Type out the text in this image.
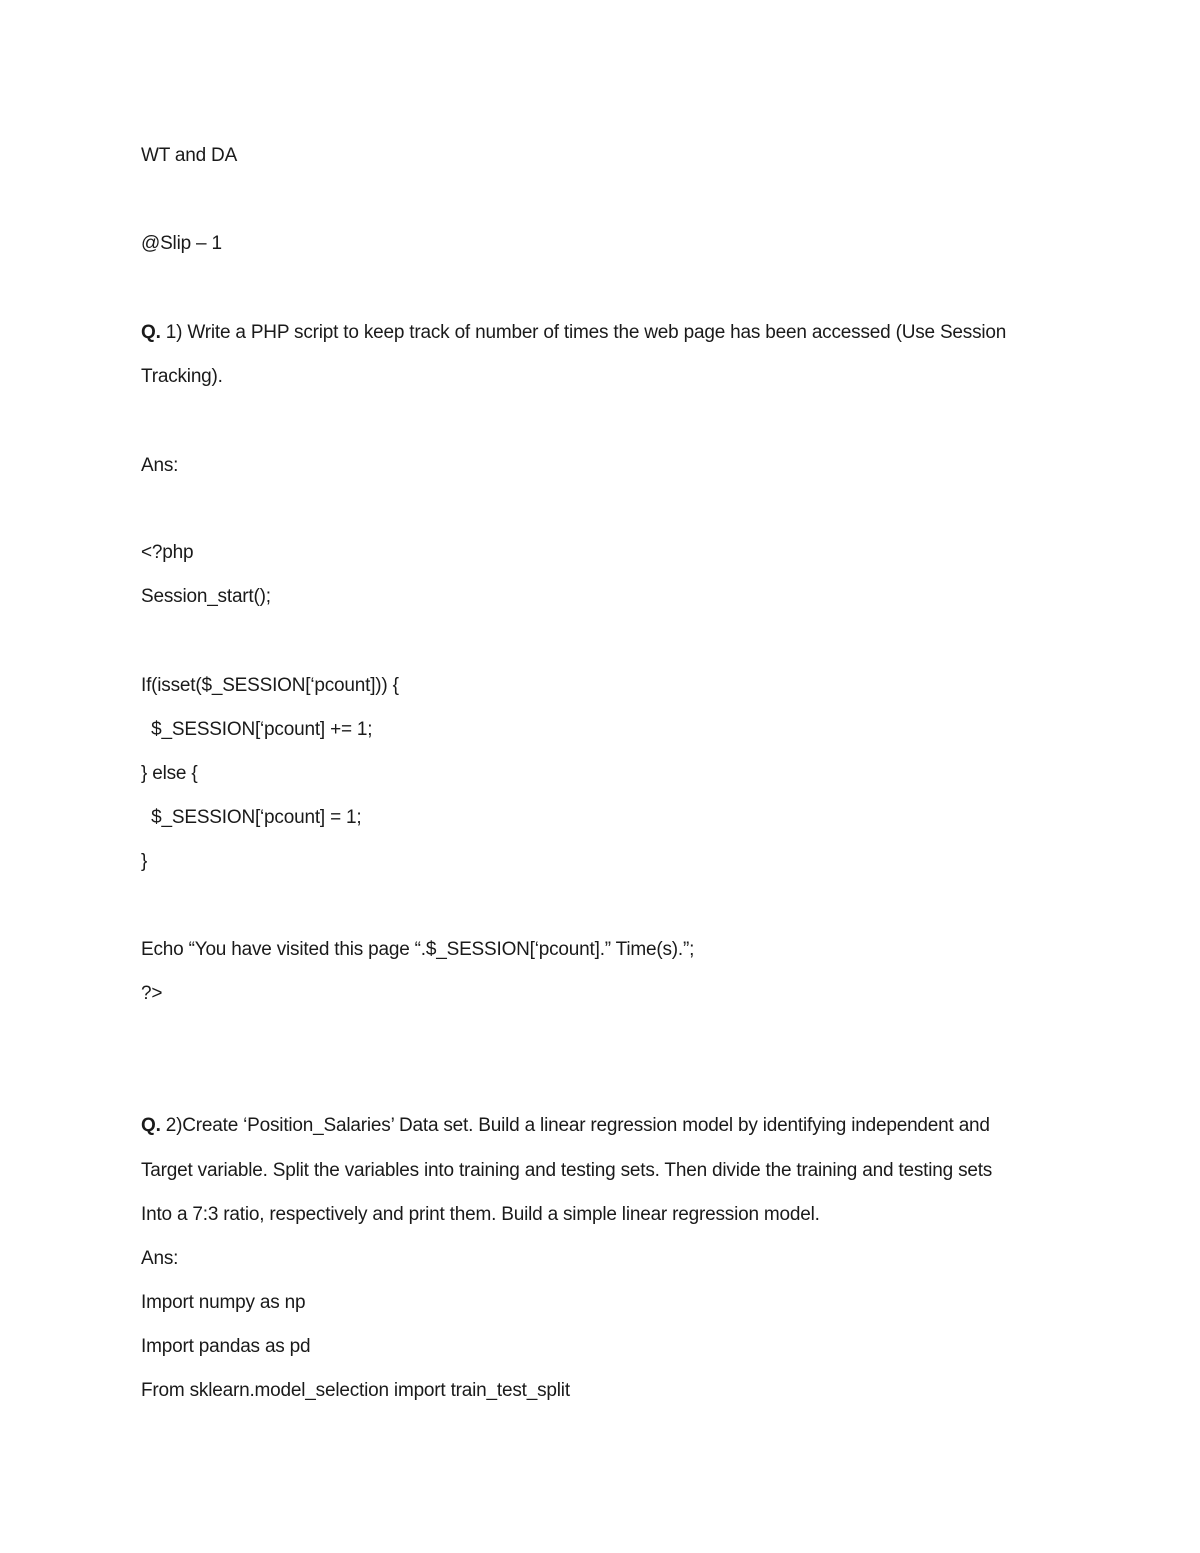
WT and DA
@Slip – 1
Q. 1) Write a PHP script to keep track of number of times the web page has been accessed (Use Session
Tracking).
Ans:
<?php
Session_start();
If(isset($_SESSION[‘pcount])) {
$_SESSION[‘pcount] += 1;
} else {
$_SESSION[‘pcount] = 1;
}
Echo “You have visited this page “.$_SESSION[‘pcount].” Time(s).”;
?>
Q. 2)Create ‘Position_Salaries’ Data set. Build a linear regression model by identifying independent and
Target variable. Split the variables into training and testing sets. Then divide the training and testing sets
Into a 7:3 ratio, respectively and print them. Build a simple linear regression model.
Ans:
Import numpy as np
Import pandas as pd
From sklearn.model_selection import train_test_split
